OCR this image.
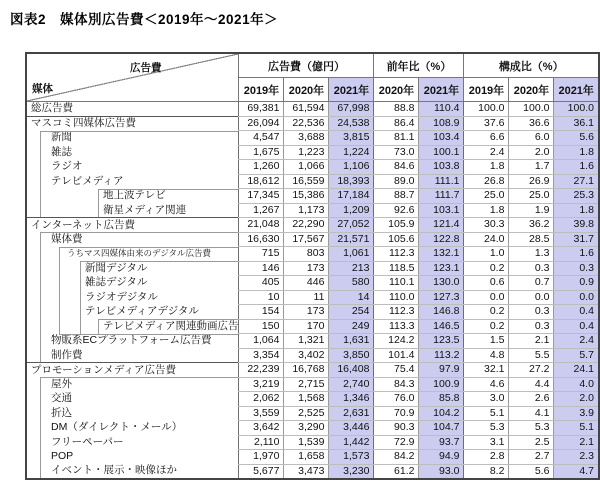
図表2　媒体別広告費＜2019年～2021年＞
広告費
媒体	広告費（億円）			前年比（%）		構成比（%）		
	2019年	2020年	2021年	2020年	2021年	2019年	2020年	2021年
総広告費	69,381	61,594	67,998	88.8	110.4	100.0	100.0	100.0
マスコミ四媒体広告費	26,094	22,536	24,538	86.4	108.9	37.6	36.6	36.1
新聞	4,547	3,688	3,815	81.1	103.4	6.6	6.0	5.6
雑誌	1,675	1,223	1,224	73.0	100.1	2.4	2.0	1.8
ラジオ	1,260	1,066	1,106	84.6	103.8	1.8	1.7	1.6
テレビメディア	18,612	16,559	18,393	89.0	111.1	26.8	26.9	27.1
地上波テレビ	17,345	15,386	17,184	88.7	111.7	25.0	25.0	25.3
衛星メディア関連	1,267	1,173	1,209	92.6	103.1	1.8	1.9	1.8
インターネット広告費	21,048	22,290	27,052	105.9	121.4	30.3	36.2	39.8
媒体費	16,630	17,567	21,571	105.6	122.8	24.0	28.5	31.7
うちマス四媒体由来のデジタル広告費	715	803	1,061	112.3	132.1	1.0	1.3	1.6
新聞デジタル	146	173	213	118.5	123.1	0.2	0.3	0.3
雑誌デジタル	405	446	580	110.1	130.0	0.6	0.7	0.9
ラジオデジタル	10	11	14	110.0	127.3	0.0	0.0	0.0
テレビメディアデジタル	154	173	254	112.3	146.8	0.2	0.3	0.4
テレビメディア関連動画広告	150	170	249	113.3	146.5	0.2	0.3	0.4
物販系ECプラットフォーム広告費	1,064	1,321	1,631	124.2	123.5	1.5	2.1	2.4
制作費	3,354	3,402	3,850	101.4	113.2	4.8	5.5	5.7
プロモーションメディア広告費	22,239	16,768	16,408	75.4	97.9	32.1	27.2	24.1
屋外	3,219	2,715	2,740	84.3	100.9	4.6	4.4	4.0
交通	2,062	1,568	1,346	76.0	85.8	3.0	2.6	2.0
折込	3,559	2,525	2,631	70.9	104.2	5.1	4.1	3.9
DM（ダイレクト・メール）	3,642	3,290	3,446	90.3	104.7	5.3	5.3	5.1
フリーペーパー	2,110	1,539	1,442	72.9	93.7	3.1	2.5	2.1
POP	1,970	1,658	1,573	84.2	94.9	2.8	2.7	2.3
イベント・展示・映像ほか	5,677	3,473	3,230	61.2	93.0	8.2	5.6	4.7
